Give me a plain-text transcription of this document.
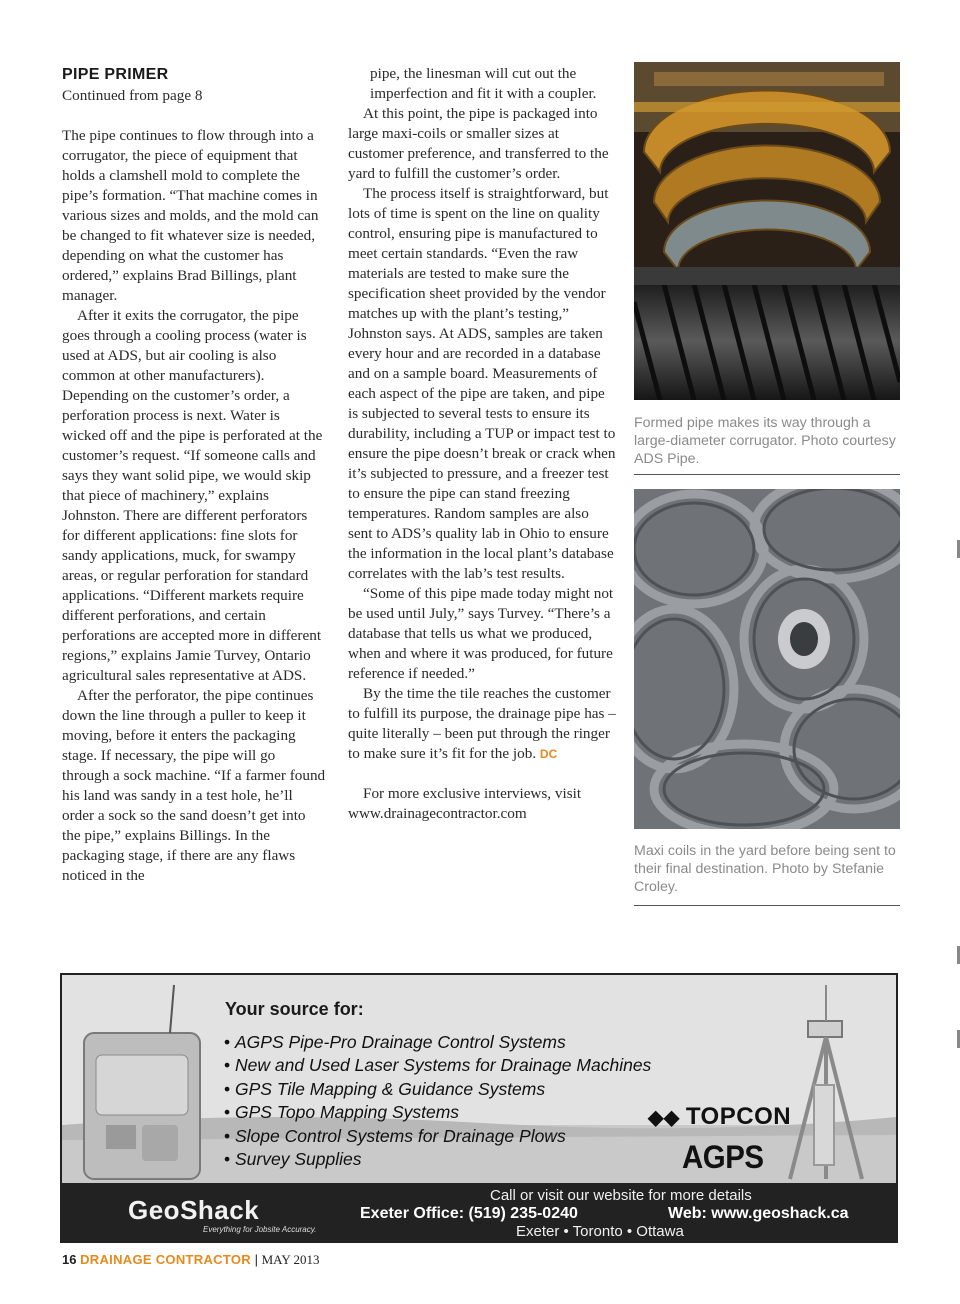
PIPE PRIMER

Continued from page 8

The pipe continues to flow through into a corrugator, the piece of equipment that holds a clamshell mold to complete the pipe’s formation. “That machine comes in various sizes and molds, and the mold can be changed to fit whatever size is needed, depending on what the customer has ordered,” explains Brad Billings, plant manager.

After it exits the corrugator, the pipe goes through a cooling process (water is used at ADS, but air cooling is also common at other manufacturers). Depending on the customer’s order, a perforation process is next. Water is wicked off and the pipe is perforated at the customer’s request. “If someone calls and says they want solid pipe, we would skip that piece of machinery,” explains Johnston. There are different perforators for different applications: fine slots for sandy applications, muck, for swampy areas, or regular perforation for standard applications. “Different markets require different perforations, and certain perforations are accepted more in different regions,” explains Jamie Turvey, Ontario agricultural sales representative at ADS.

After the perforator, the pipe continues down the line through a puller to keep it moving, before it enters the packaging stage. If necessary, the pipe will go through a sock machine. “If a farmer found his land was sandy in a test hole, he’ll order a sock so the sand doesn’t get into the pipe,” explains Billings. In the packaging stage, if there are any flaws noticed in the

pipe, the linesman will cut out the imperfection and fit it with a coupler.

At this point, the pipe is packaged into large maxi-coils or smaller sizes at customer preference, and transferred to the yard to fulfill the customer’s order.

The process itself is straightforward, but lots of time is spent on the line on quality control, ensuring pipe is manufactured to meet certain standards. “Even the raw materials are tested to make sure the specification sheet provided by the vendor matches up with the plant’s testing,” Johnston says. At ADS, samples are taken every hour and are recorded in a database and on a sample board. Measurements of each aspect of the pipe are taken, and pipe is subjected to several tests to ensure its durability, including a TUP or impact test to ensure the pipe doesn’t break or crack when it’s subjected to pressure, and a freezer test to ensure the pipe can stand freezing temperatures. Random samples are also sent to ADS’s quality lab in Ohio to ensure the information in the local plant’s database correlates with the lab’s test results.

“Some of this pipe made today might not be used until July,” says Turvey. “There’s a database that tells us what we produced, when and where it was produced, for future reference if needed.”

By the time the tile reaches the customer to fulfill its purpose, the drainage pipe has – quite literally – been put through the ringer to make sure it’s fit for the job. DC

For more exclusive interviews, visit www.drainagecontractor.com

Formed pipe makes its way through a large-diameter corrugator. Photo courtesy ADS Pipe.
Maxi coils in the yard before being sent to their final destination. Photo by Stefanie Croley.
Your source for:
• AGPS Pipe-Pro Drainage Control Systems
• New and Used Laser Systems for Drainage Machines
• GPS Tile Mapping & Guidance Systems
• GPS Topo Mapping Systems
• Slope Control Systems for Drainage Plows
• Survey Supplies
◆◆ TOPCON
AGPS
GeoShack
Everything for Jobsite Accuracy.
Call or visit our website for more details
Exeter Office: (519) 235-0240	Web: www.geoshack.ca
Exeter • Toronto • Ottawa
16 DRAINAGE CONTRACTOR | MAY 2013
